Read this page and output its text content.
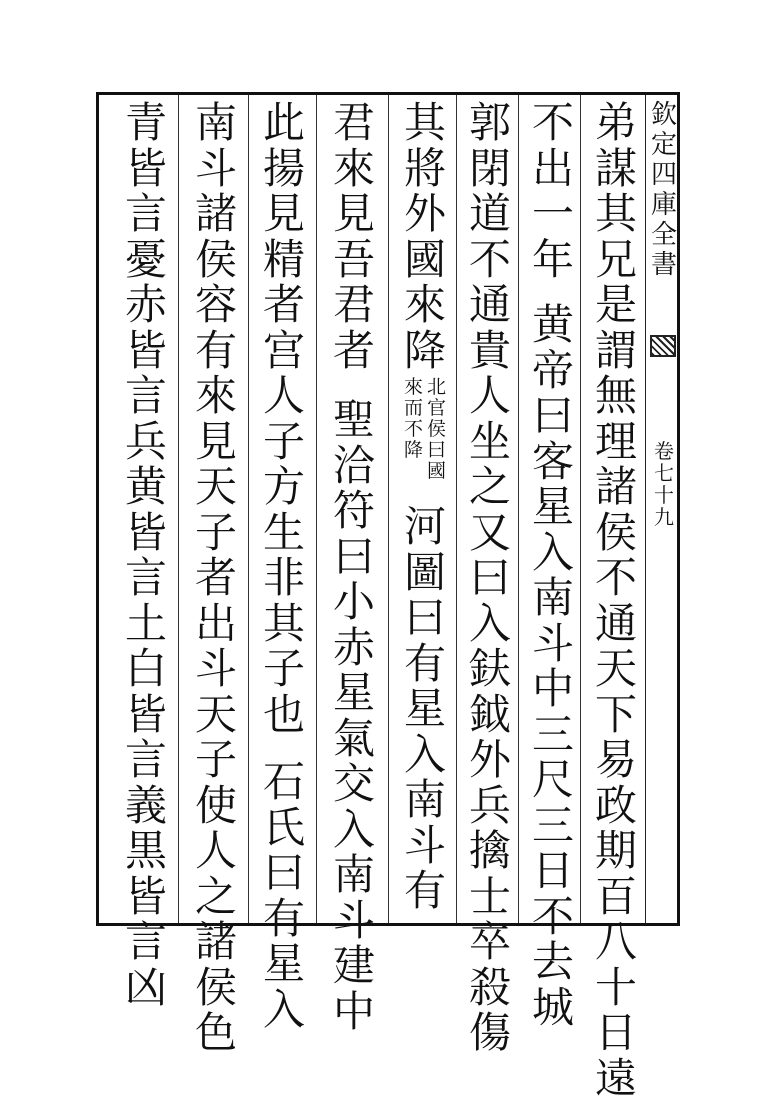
欽
定
四
庫
全
書
卷
七
十
九
弟
謀
其
兄
是
謂
無
理
諸
侯
不
通
天
下
易
政
期
百
八
十
日
遠
不
出
一
年
黄
帝
曰
客
星
入
南
斗
中
三
尺
三
日
不
去
城
郭
閉
道
不
通
貴
人
坐
之
又
曰
入
鈇
鉞
外
兵
擒
士
卒
殺
傷
其
將
外
國
來
降
北
官
侯
曰
國
來
而
不
降
河
圖
曰
有
星
入
南
斗
有
君
來
見
吾
君
者
聖
洽
符
曰
小
赤
星
氣
交
入
南
斗
建
中
此
揚
見
精
者
宫
人
子
方
生
非
其
子
也
石
氏
曰
有
星
入
南
斗
諸
侯
容
有
來
見
天
子
者
出
斗
天
子
使
人
之
諸
侯
色
青
皆
言
憂
赤
皆
言
兵
黄
皆
言
土
白
皆
言
義
黒
皆
言
凶
